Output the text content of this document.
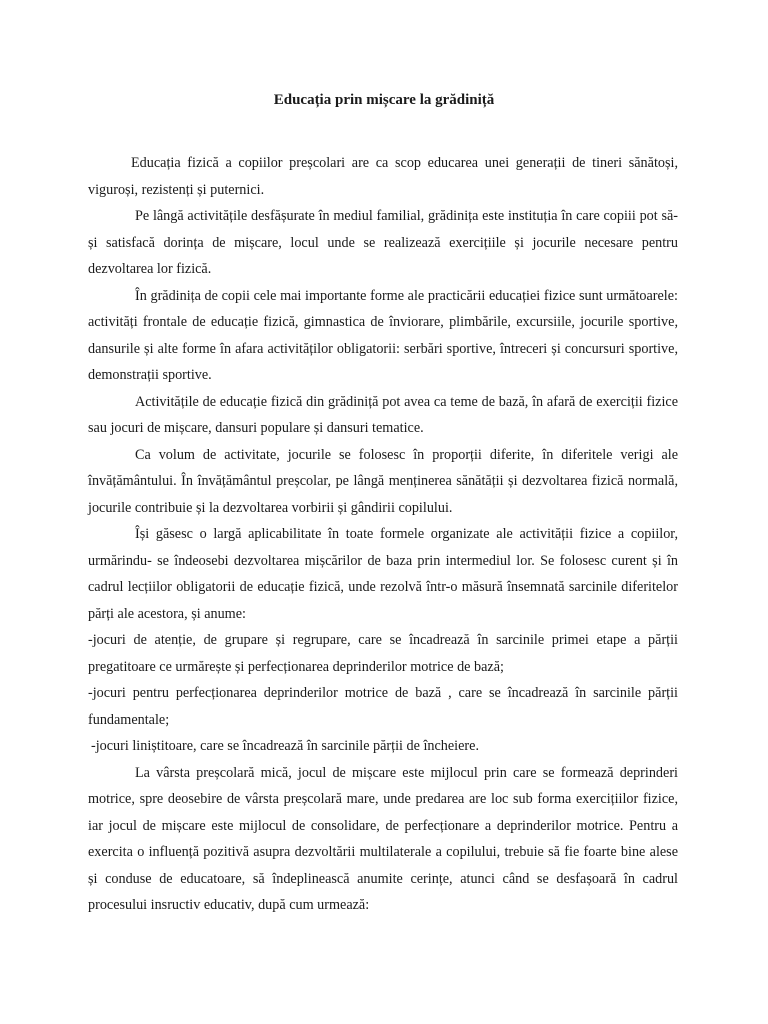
Educația prin mișcare la grădiniță

Educația fizică a copiilor preșcolari are ca scop educarea unei generații de tineri sănătoși, viguroși, rezistenți și puternici.

Pe lângă activitățile desfășurate în mediul familial, grădinița este instituția în care copiii pot să-și satisfacă dorința de mișcare, locul unde se realizează exercițiile și jocurile necesare pentru dezvoltarea lor fizică.

În grădinița de copii cele mai importante forme ale practicării educației fizice sunt următoarele: activități frontale de educație fizică, gimnastica de înviorare, plimbările, excursiile, jocurile sportive, dansurile și alte forme în afara activităților obligatorii: serbări sportive, întreceri și concursuri sportive, demonstrații sportive.

Activitățile de educație fizică din grădiniță pot avea ca teme de bază, în afară de exerciții fizice sau jocuri de mișcare, dansuri populare și dansuri tematice.

Ca volum de activitate, jocurile se folosesc în proporții diferite, în diferitele verigi ale învățământului. În învățământul preșcolar, pe lângă menținerea sănătății și dezvoltarea fizică normală, jocurile contribuie și la dezvoltarea vorbirii și gândirii copilului.

Își găsesc o largă aplicabilitate în toate formele organizate ale activității fizice a copiilor, urmărindu- se îndeosebi dezvoltarea mișcărilor de baza prin intermediul lor. Se folosesc curent și în cadrul lecțiilor obligatorii de educație fizică, unde rezolvă într-o măsură însemnată sarcinile diferitelor părți ale acestora, și anume:

-jocuri de atenție, de grupare și regrupare, care se încadrează în sarcinile primei etape a părții pregatitoare ce urmărește și perfecționarea deprinderilor motrice de bază;

-jocuri pentru perfecționarea deprinderilor motrice de bază , care se încadrează în sarcinile părții fundamentale;

-jocuri liniștitoare, care se încadrează în sarcinile părții de încheiere.

La vârsta preșcolară mică, jocul de mișcare este mijlocul prin care se formează deprinderi motrice, spre deosebire de vârsta preșcolară mare, unde predarea are loc sub forma exercițiilor fizice, iar jocul de mișcare este mijlocul de consolidare, de perfecționare a deprinderilor motrice. Pentru a exercita o influență pozitivă asupra dezvoltării multilaterale a copilului, trebuie să fie foarte bine alese și conduse de educatoare, să îndeplinească anumite cerințe, atunci când se desfașoară în cadrul procesului insructiv educativ, după cum urmează:
